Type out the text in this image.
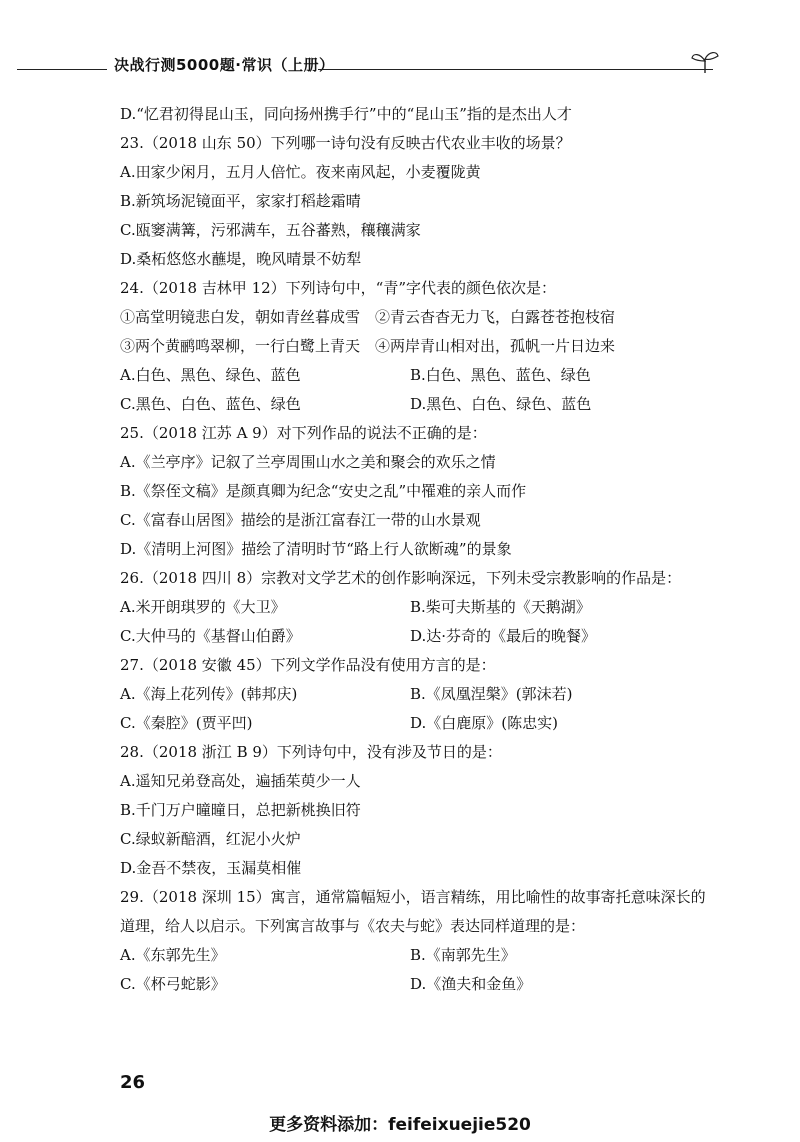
决战行测5000题·常识（上册）
D.“忆君初得昆山玉，同向扬州携手行”中的“昆山玉”指的是杰出人才
23.（2018 山东 50）下列哪一诗句没有反映古代农业丰收的场景？
A.田家少闲月，五月人倍忙。夜来南风起，小麦覆陇黄
B.新筑场泥镜面平，家家打稻趁霜晴
C.瓯窭满篝，污邪满车，五谷蕃熟，穰穰满家
D.桑柘悠悠水蘸堤，晚风晴景不妨犁
24.（2018 吉林甲 12）下列诗句中，“青”字代表的颜色依次是：
①高堂明镜悲白发，朝如青丝暮成雪　②青云杳杳无力飞，白露苍苍抱枝宿
③两个黄鹂鸣翠柳，一行白鹭上青天　④两岸青山相对出，孤帆一片日边来
A.白色、黑色、绿色、蓝色	B.白色、黑色、蓝色、绿色
C.黑色、白色、蓝色、绿色	D.黑色、白色、绿色、蓝色
25.（2018 江苏 A 9）对下列作品的说法不正确的是：
A.《兰亭序》记叙了兰亭周围山水之美和聚会的欢乐之情
B.《祭侄文稿》是颜真卿为纪念“安史之乱”中罹难的亲人而作
C.《富春山居图》描绘的是浙江富春江一带的山水景观
D.《清明上河图》描绘了清明时节“路上行人欲断魂”的景象
26.（2018 四川 8）宗教对文学艺术的创作影响深远，下列未受宗教影响的作品是：
A.米开朗琪罗的《大卫》	B.柴可夫斯基的《天鹅湖》
C.大仲马的《基督山伯爵》	D.达·芬奇的《最后的晚餐》
27.（2018 安徽 45）下列文学作品没有使用方言的是：
A.《海上花列传》(韩邦庆)	B.《凤凰涅槃》(郭沫若)
C.《秦腔》(贾平凹)	D.《白鹿原》(陈忠实)
28.（2018 浙江 B 9）下列诗句中，没有涉及节日的是：
A.遥知兄弟登高处，遍插茱萸少一人
B.千门万户曈曈日，总把新桃换旧符
C.绿蚁新醅酒，红泥小火炉
D.金吾不禁夜，玉漏莫相催
29.（2018 深圳 15）寓言，通常篇幅短小，语言精练，用比喻性的故事寄托意味深长的道理，给人以启示。下列寓言故事与《农夫与蛇》表达同样道理的是：
A.《东郭先生》	B.《南郭先生》
C.《杯弓蛇影》	D.《渔夫和金鱼》
26
更多资料添加：feifeixuejie520
